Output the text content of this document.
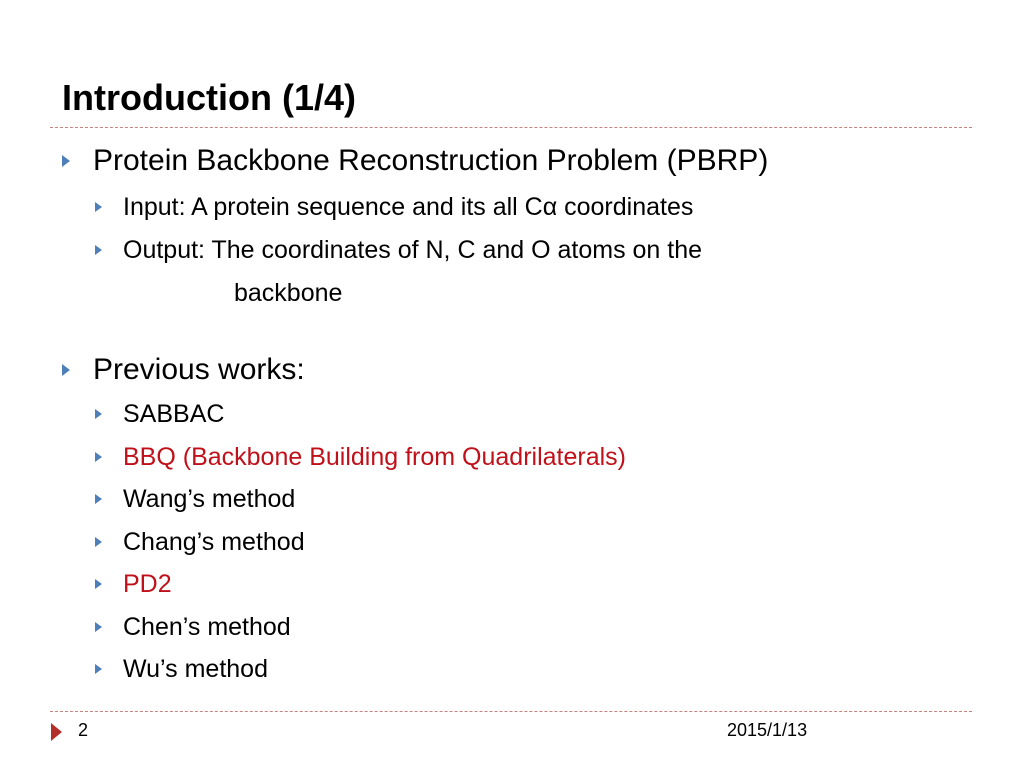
Introduction (1/4)
Protein Backbone Reconstruction Problem (PBRP)
Input: A protein sequence and its all Cα coordinates
Output: The coordinates of N, C and O atoms on the
backbone
Previous works:
SABBAC
BBQ (Backbone Building from Quadrilaterals)
Wang’s method
Chang’s method
PD2
Chen’s method
Wu’s method
2	2015/1/13
